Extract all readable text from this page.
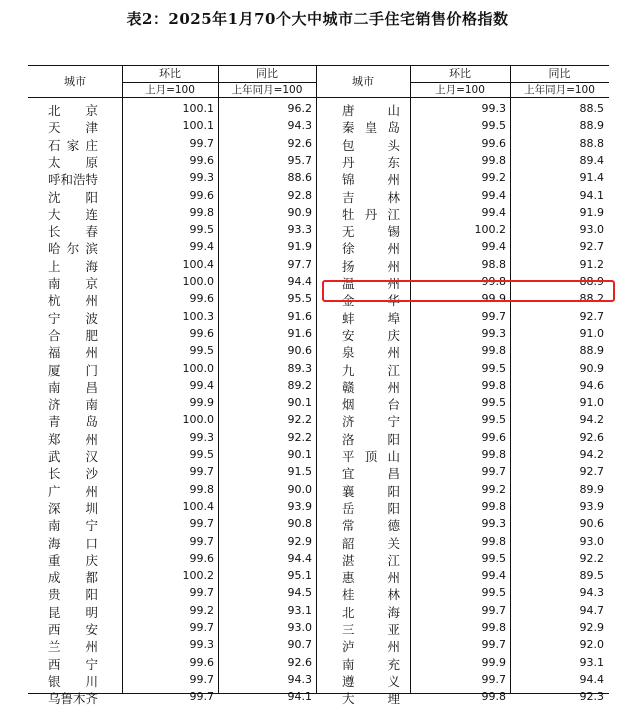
表2：2025年1月70个大中城市二手住宅销售价格指数
城市
环比	同比
上月=100	上年同月=100
城市
环比	同比
上月=100	上年同月=100
北京	100.1	96.2
天津	100.1	94.3
石家庄	99.7	92.6
太原	99.6	95.7
呼和浩特	99.3	88.6
沈阳	99.6	92.8
大连	99.8	90.9
长春	99.5	93.3
哈尔滨	99.4	91.9
上海	100.4	97.7
南京	100.0	94.4
杭州	99.6	95.5
宁波	100.3	91.6
合肥	99.6	91.6
福州	99.5	90.6
厦门	100.0	89.3
南昌	99.4	89.2
济南	99.9	90.1
青岛	100.0	92.2
郑州	99.3	92.2
武汉	99.5	90.1
长沙	99.7	91.5
广州	99.8	90.0
深圳	100.4	93.9
南宁	99.7	90.8
海口	99.7	92.9
重庆	99.6	94.4
成都	100.2	95.1
贵阳	99.7	94.5
昆明	99.2	93.1
西安	99.7	93.0
兰州	99.3	90.7
西宁	99.6	92.6
银川	99.7	94.3
乌鲁木齐	99.7	94.1
唐山	99.3	88.5
秦皇岛	99.5	88.9
包头	99.6	88.8
丹东	99.8	89.4
锦州	99.2	91.4
吉林	99.4	94.1
牡丹江	99.4	91.9
无锡	100.2	93.0
徐州	99.4	92.7
扬州	98.8	91.2
温州	99.8	88.9
金华	99.9	88.2
蚌埠	99.7	92.7
安庆	99.3	91.0
泉州	99.8	88.9
九江	99.5	90.9
赣州	99.8	94.6
烟台	99.5	91.0
济宁	99.5	94.2
洛阳	99.6	92.6
平顶山	99.8	94.2
宜昌	99.7	92.7
襄阳	99.2	89.9
岳阳	99.8	93.9
常德	99.3	90.6
韶关	99.8	93.0
湛江	99.5	92.2
惠州	99.4	89.5
桂林	99.5	94.3
北海	99.7	94.7
三亚	99.8	92.9
泸州	99.7	92.0
南充	99.9	93.1
遵义	99.7	94.4
大理	99.8	92.3
